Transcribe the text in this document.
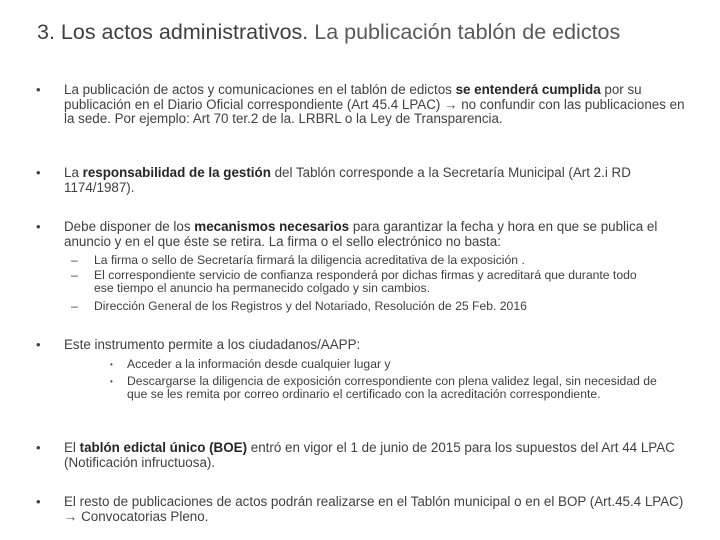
3. Los actos administrativos. La publicación tablón de edictos
• La publicación de actos y comunicaciones en el tablón de edictos se entenderá cumplida por su publicación en el Diario Oficial correspondiente (Art 45.4 LPAC) → no confundir con las publicaciones en la sede. Por ejemplo: Art 70 ter.2 de la. LRBRL o la Ley de Transparencia.
• La responsabilidad de la gestión del Tablón corresponde a la Secretaría Municipal (Art 2.i RD 1174/1987).
• Debe disponer de los mecanismos necesarios para garantizar la fecha y hora en que se publica el anuncio y en el que éste se retira. La firma o el sello electrónico no basta:
– La firma o sello de Secretaría firmará la diligencia acreditativa de la exposición .
– El correspondiente servicio de confianza responderá por dichas firmas y acreditará que durante todo ese tiempo el anuncio ha permanecido colgado y sin cambios.
– Dirección General de los Registros y del Notariado, Resolución de 25 Feb. 2016
• Este instrumento permite a los ciudadanos/AAPP:
• Acceder a la información desde cualquier lugar y
• Descargarse la diligencia de exposición correspondiente con plena validez legal, sin necesidad de que se les remita por correo ordinario el certificado con la acreditación correspondiente.
• El tablón edictal único (BOE) entró en vigor el 1 de junio de 2015 para los supuestos del Art 44 LPAC (Notificación infructuosa).
• El resto de publicaciones de actos podrán realizarse en el Tablón municipal o en el BOP (Art.45.4 LPAC) → Convocatorias Pleno.
